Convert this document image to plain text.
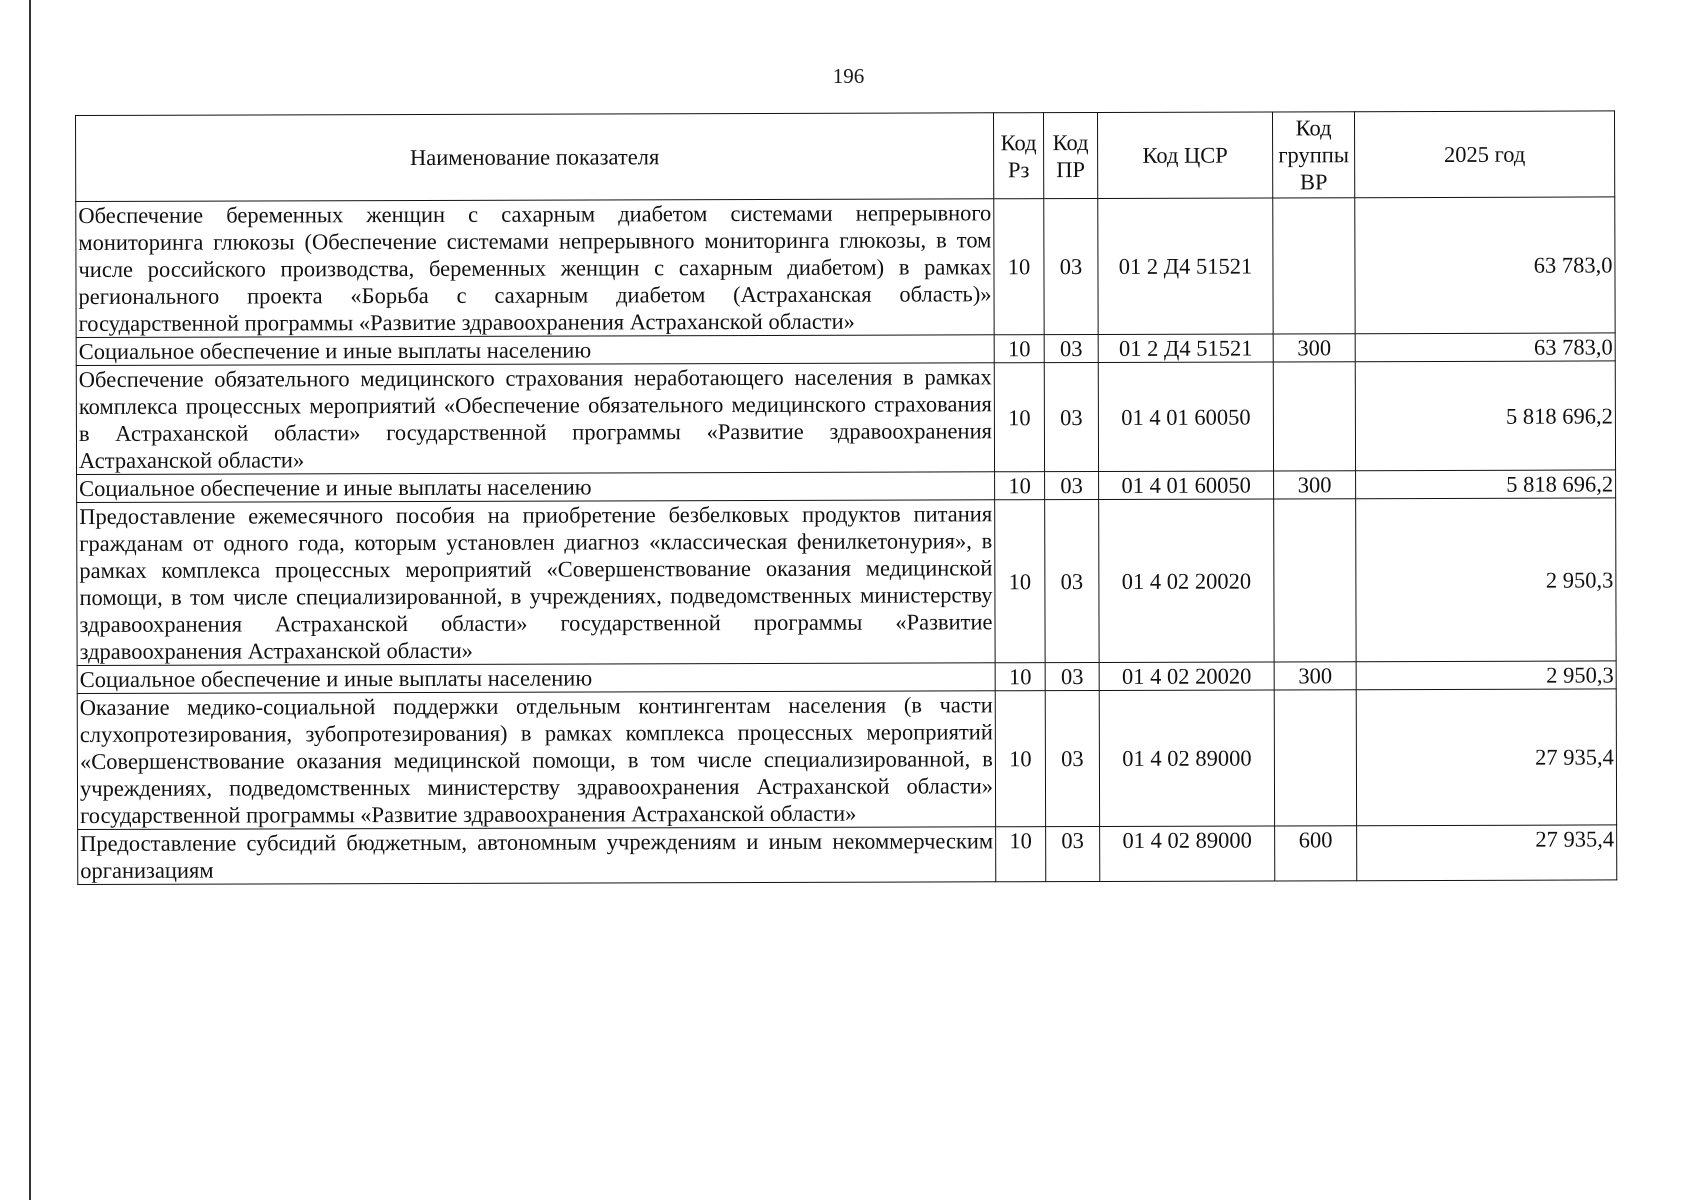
196
Наименование показателя	Код Рз	Код ПР	Код ЦСР	Код группы ВР	2025 год
Обеспечение беременных женщин с сахарным диабетом системами непрерывного мониторинга глюкозы (Обеспечение системами непрерывного мониторинга глюкозы, в том числе российского производства, беременных женщин с сахарным диабетом) в рамках регионального проекта «Борьба с сахарным диабетом (Астраханская область)» государственной программы «Развитие здравоохранения Астраханской области»	10	03	01 2 Д4 51521		63 783,0
Социальное обеспечение и иные выплаты населению	10	03	01 2 Д4 51521	300	63 783,0
Обеспечение обязательного медицинского страхования неработающего населения в рамках комплекса процессных мероприятий «Обеспечение обязательного медицинского страхования в Астраханской области» государственной программы «Развитие здравоохранения Астраханской области»	10	03	01 4 01 60050		5 818 696,2
Социальное обеспечение и иные выплаты населению	10	03	01 4 01 60050	300	5 818 696,2
Предоставление ежемесячного пособия на приобретение безбелковых продуктов питания гражданам от одного года, которым установлен диагноз «классическая фенилкетонурия», в рамках комплекса процессных мероприятий «Совершенствование оказания медицинской помощи, в том числе специализированной, в учреждениях, подведомственных министерству здравоохранения Астраханской области» государственной программы «Развитие здравоохранения Астраханской области»	10	03	01 4 02 20020		2 950,3
Социальное обеспечение и иные выплаты населению	10	03	01 4 02 20020	300	2 950,3
Оказание медико-социальной поддержки отдельным контингентам населения (в части слухопротезирования, зубопротезирования) в рамках комплекса процессных мероприятий «Совершенствование оказания медицинской помощи, в том числе специализированной, в учреждениях, подведомственных министерству здравоохранения Астраханской области» государственной программы «Развитие здравоохранения Астраханской области»	10	03	01 4 02 89000		27 935,4
Предоставление субсидий бюджетным, автономным учреждениям и иным некоммерческим организациям	10	03	01 4 02 89000	600	27 935,4
